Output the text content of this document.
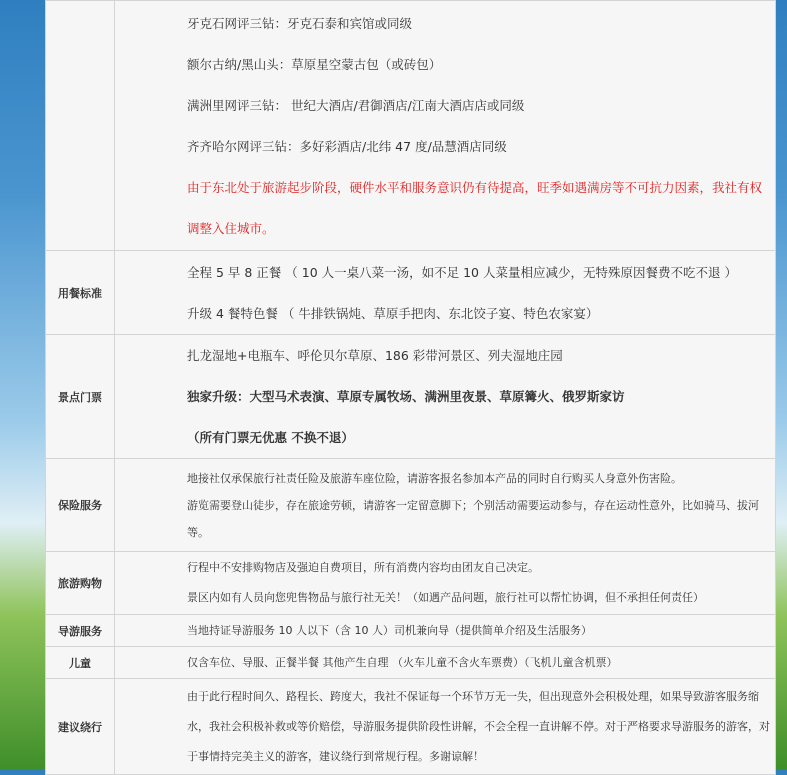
	牙克石网评三钻：牙克石泰和宾馆或同级
额尔古纳/黑山头：草原星空蒙古包（或砖包）
满洲里网评三钻： 世纪大酒店/君御酒店/江南大酒店店或同级
齐齐哈尔网评三钻：多好彩酒店/北纬 47 度/品慧酒店同级
由于东北处于旅游起步阶段，硬件水平和服务意识仍有待提高，旺季如遇满房等不可抗力因素，我社有权调整入住城市。

用餐标准	全程 5 早 8 正餐 （ 10 人一桌八菜一汤，如不足 10 人菜量相应减少，无特殊原因餐费不吃不退 ）
升级 4 餐特色餐 （ 牛排铁锅炖、草原手把肉、东北饺子宴、特色农家宴）

景点门票	扎龙湿地+电瓶车、呼伦贝尔草原、186 彩带河景区、列夫湿地庄园
独家升级：大型马术表演、草原专属牧场、满洲里夜景、草原篝火、俄罗斯家访
（所有门票无优惠 不换不退）

保险服务	地接社仅承保旅行社责任险及旅游车座位险，请游客报名参加本产品的同时自行购买人身意外伤害险。
游览需要登山徒步，存在旅途劳顿，请游客一定留意脚下；个别活动需要运动参与，存在运动性意外，比如骑马、拔河等。

旅游购物	行程中不安排购物店及强迫自费项目，所有消费内容均由团友自己决定。
景区内如有人员向您兜售物品与旅行社无关！（如遇产品问题，旅行社可以帮忙协调，但不承担任何责任）

导游服务	当地持证导游服务 10 人以下（含 10 人）司机兼向导（提供简单介绍及生活服务）

儿童	仅含车位、导服、正餐半餐 其他产生自理 （火车儿童不含火车票费）（飞机儿童含机票）

建议绕行	由于此行程时间久、路程长、跨度大，我社不保证每一个环节万无一失，但出现意外会积极处理，如果导致游客服务缩水，我社会积极补救或等价赔偿，导游服务提供阶段性讲解，不会全程一直讲解不停。对于严格要求导游服务的游客，对于事情持完美主义的游客，建议绕行到常规行程。多谢谅解！
